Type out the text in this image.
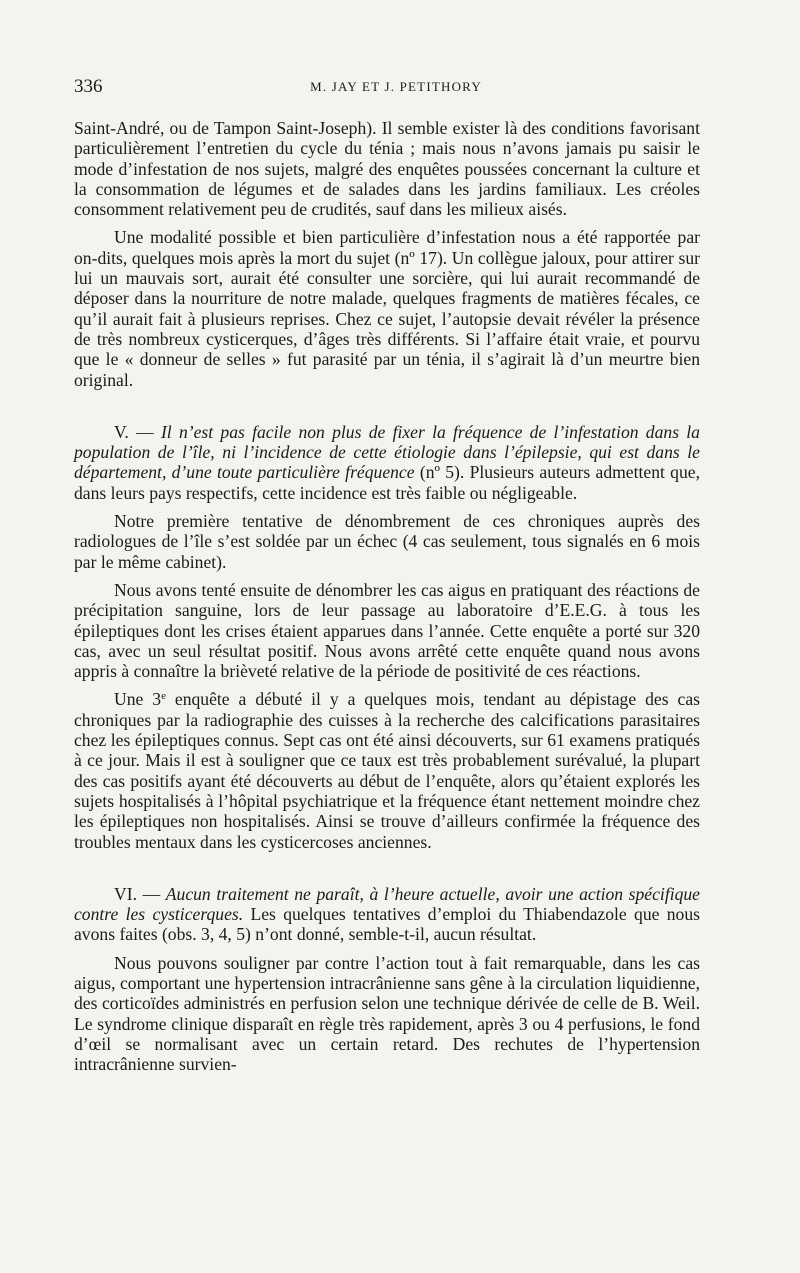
336	M. JAY ET J. PETITHORY

Saint-André, ou de Tampon Saint-Joseph). Il semble exister là des conditions favorisant particulièrement l’entretien du cycle du ténia ; mais nous n’avons jamais pu saisir le mode d’infestation de nos sujets, malgré des enquêtes poussées concernant la culture et la consommation de légumes et de salades dans les jardins familiaux. Les créoles consomment relativement peu de crudités, sauf dans les milieux aisés.

Une modalité possible et bien particulière d’infestation nous a été rapportée par on-dits, quelques mois après la mort du sujet (nº 17). Un collègue jaloux, pour attirer sur lui un mauvais sort, aurait été consulter une sorcière, qui lui aurait recommandé de déposer dans la nourriture de notre malade, quelques fragments de matières fécales, ce qu’il aurait fait à plusieurs reprises. Chez ce sujet, l’autopsie devait révéler la présence de très nombreux cysticerques, d’âges très différents. Si l’affaire était vraie, et pourvu que le « donneur de selles » fut parasité par un ténia, il s’agirait là d’un meurtre bien original.

V. — Il n’est pas facile non plus de fixer la fréquence de l’infestation dans la population de l’île, ni l’incidence de cette étiologie dans l’épilepsie, qui est dans le département, d’une toute particulière fréquence (nº 5). Plusieurs auteurs admettent que, dans leurs pays respectifs, cette incidence est très faible ou négligeable.

Notre première tentative de dénombrement de ces chroniques auprès des radiologues de l’île s’est soldée par un échec (4 cas seulement, tous signalés en 6 mois par le même cabinet).

Nous avons tenté ensuite de dénombrer les cas aigus en pratiquant des réactions de précipitation sanguine, lors de leur passage au laboratoire d’E.E.G. à tous les épileptiques dont les crises étaient apparues dans l’année. Cette enquête a porté sur 320 cas, avec un seul résultat positif. Nous avons arrêté cette enquête quand nous avons appris à connaître la brièveté relative de la période de positivité de ces réactions.

Une 3e enquête a débuté il y a quelques mois, tendant au dépistage des cas chroniques par la radiographie des cuisses à la recherche des calcifications parasitaires chez les épileptiques connus. Sept cas ont été ainsi découverts, sur 61 examens pratiqués à ce jour. Mais il est à souligner que ce taux est très probablement surévalué, la plupart des cas positifs ayant été découverts au début de l’enquête, alors qu’étaient explorés les sujets hospitalisés à l’hôpital psychiatrique et la fréquence étant nettement moindre chez les épileptiques non hospitalisés. Ainsi se trouve d’ailleurs confirmée la fréquence des troubles mentaux dans les cysticercoses anciennes.

VI. — Aucun traitement ne paraît, à l’heure actuelle, avoir une action spécifique contre les cysticerques. Les quelques tentatives d’emploi du Thiabendazole que nous avons faites (obs. 3, 4, 5) n’ont donné, semble-t-il, aucun résultat.

Nous pouvons souligner par contre l’action tout à fait remarquable, dans les cas aigus, comportant une hypertension intracrânienne sans gêne à la circulation liquidienne, des corticoïdes administrés en perfusion selon une technique dérivée de celle de B. Weil. Le syndrome clinique disparaît en règle très rapidement, après 3 ou 4 perfusions, le fond d’œil se normalisant avec un certain retard. Des rechutes de l’hypertension intracrânienne survien-
